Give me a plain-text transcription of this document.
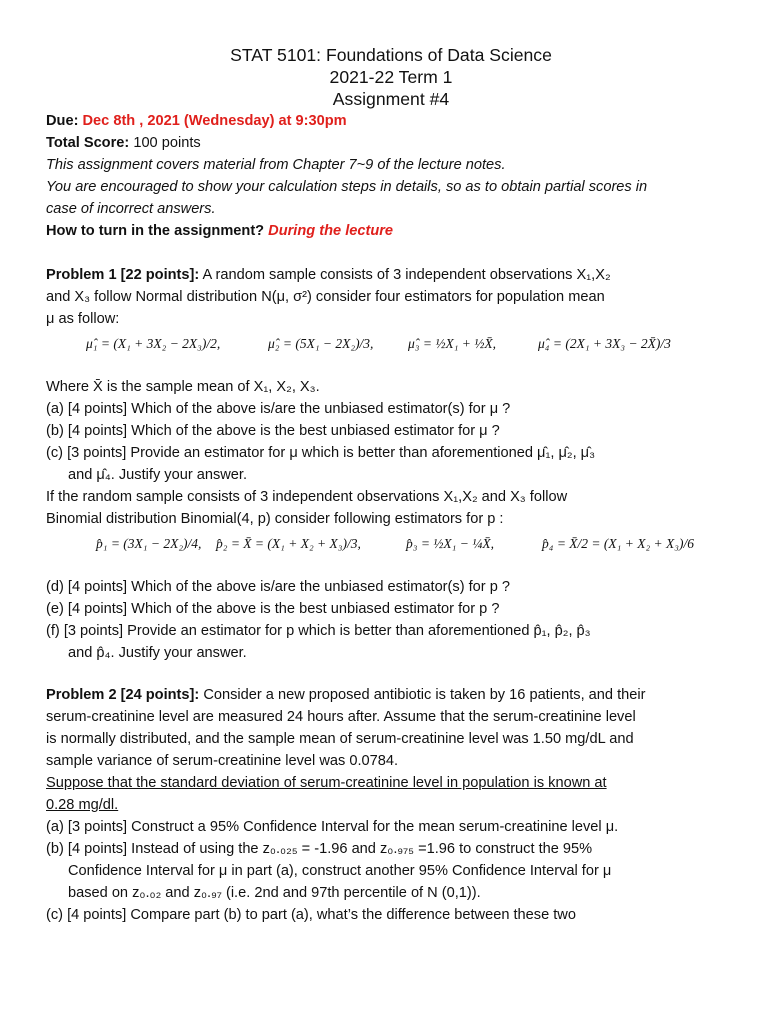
STAT 5101: Foundations of Data Science
2021-22 Term 1
Assignment #4
Due: Dec 8th , 2021 (Wednesday) at 9:30pm
Total Score: 100 points
This assignment covers material from Chapter 7~9 of the lecture notes.
You are encouraged to show your calculation steps in details, so as to obtain partial scores in
case of incorrect answers.
How to turn in the assignment? During the lecture
Problem 1 [22 points]: A random sample consists of 3 independent observations X₁,X₂
and X₃ follow Normal distribution N(μ, σ²) consider four estimators for population mean
μ as follow:
μ̂₁ = (X₁ + 3X₂ − 2X₃)/2,	μ̂₂ = (5X₁ − 2X₂)/3,	μ̂₃ = ½X₁ + ½X̄,	μ̂₄ = (2X₁ + 3X₃ − 2X̄)/3
Where X̄ is the sample mean of X₁, X₂, X₃.
(a) [4 points] Which of the above is/are the unbiased estimator(s) for μ ?
(b) [4 points] Which of the above is the best unbiased estimator for μ ?
(c) [3 points] Provide an estimator for μ which is better than aforementioned μ̂₁, μ̂₂, μ̂₃
and μ̂₄. Justify your answer.
If the random sample consists of 3 independent observations X₁,X₂ and X₃ follow
Binomial distribution Binomial(4, p) consider following estimators for p :
p̂₁ = (3X₁ − 2X₂)/4, p̂₂ = X̄ = (X₁ + X₂ + X₃)/3,	p̂₃ = ½X₁ − ¼X̄,	p̂₄ = X̄/2 = (X₁ + X₂ + X₃)/6
(d) [4 points] Which of the above is/are the unbiased estimator(s) for p ?
(e) [4 points] Which of the above is the best unbiased estimator for p ?
(f) [3 points] Provide an estimator for p which is better than aforementioned p̂₁, p̂₂, p̂₃
and p̂₄. Justify your answer.
Problem 2 [24 points]: Consider a new proposed antibiotic is taken by 16 patients, and their
serum-creatinine level are measured 24 hours after. Assume that the serum-creatinine level
is normally distributed, and the sample mean of serum-creatinine level was 1.50 mg/dL and
sample variance of serum-creatinine level was 0.0784.
Suppose that the standard deviation of serum-creatinine level in population is known at
0.28 mg/dl.
(a) [3 points] Construct a 95% Confidence Interval for the mean serum-creatinine level μ.
(b) [4 points] Instead of using the z₀.₀₂₅ = -1.96 and z₀.₉₇₅ =1.96 to construct the 95%
Confidence Interval for μ in part (a), construct another 95% Confidence Interval for μ
based on z₀.₀₂ and z₀.₉₇ (i.e. 2nd and 97th percentile of N (0,1)).
(c) [4 points] Compare part (b) to part (a), what’s the difference between these two
